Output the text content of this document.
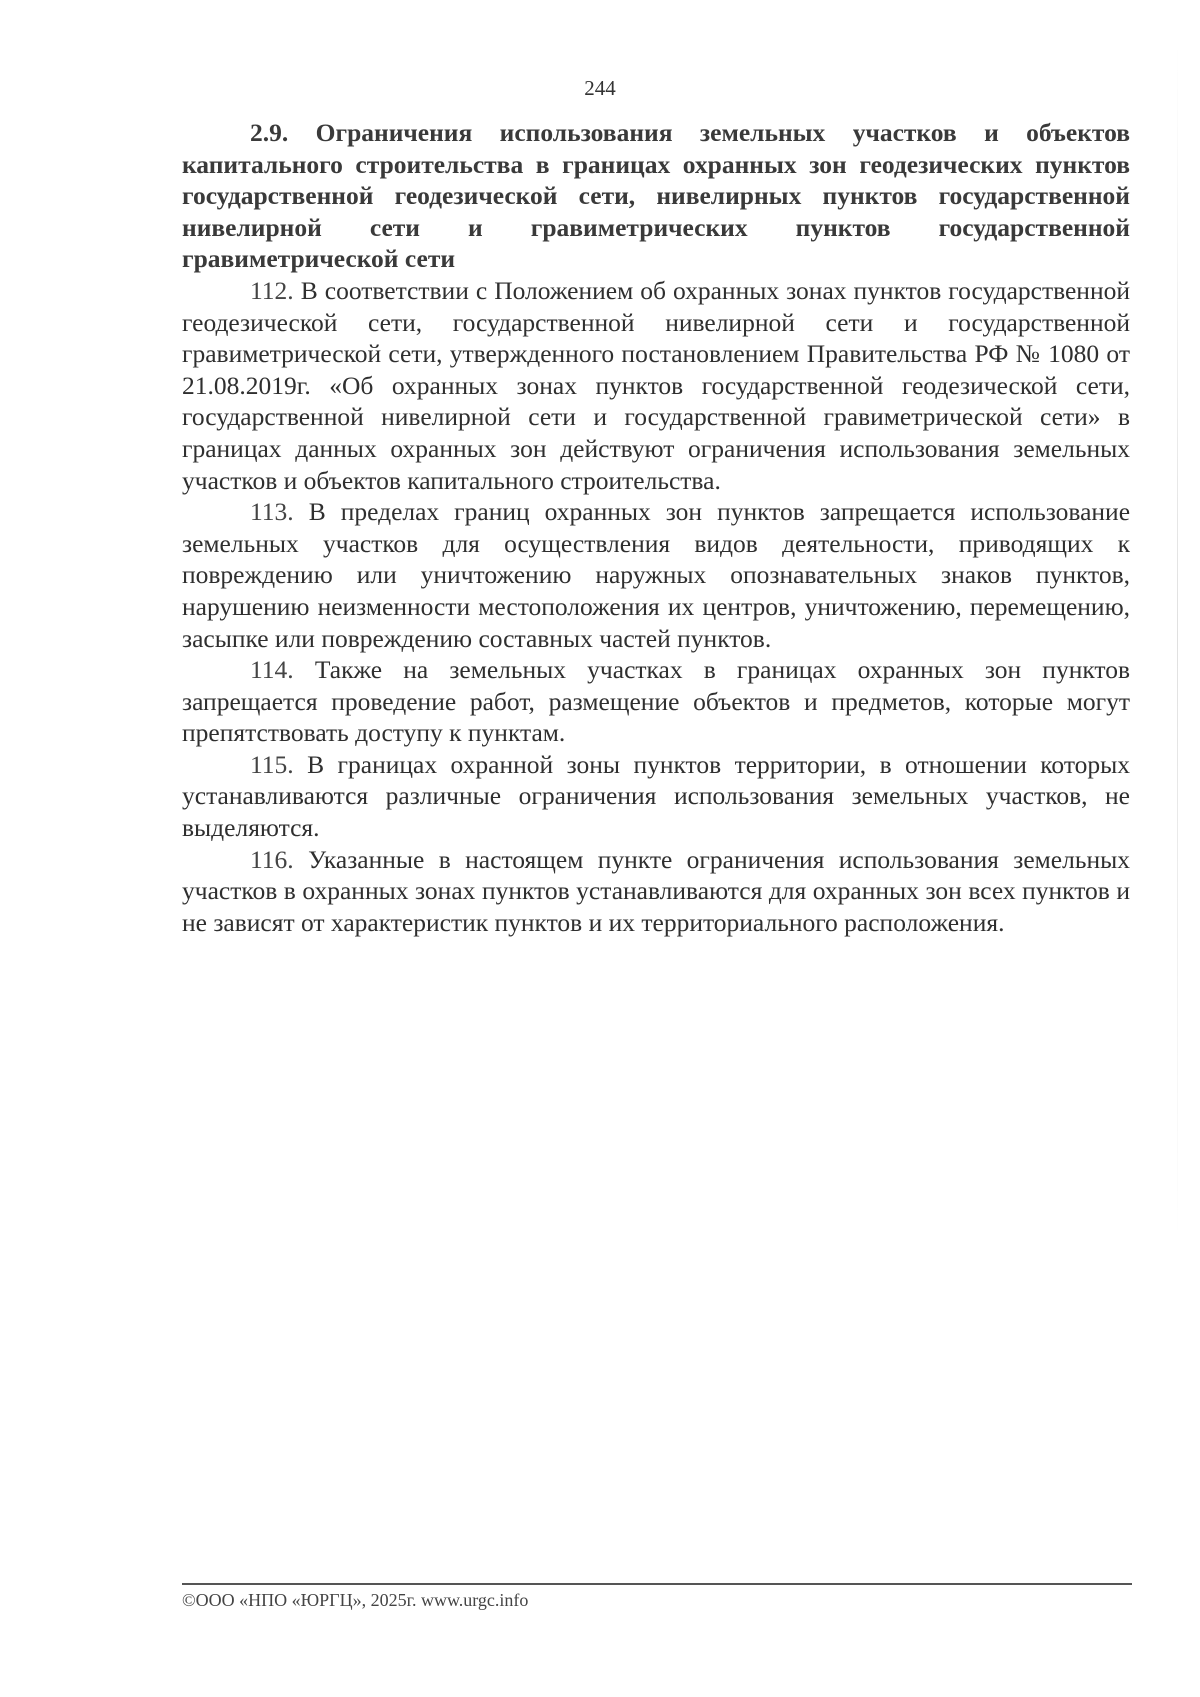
244

2.9. Ограничения использования земельных участков и объектов капитального строительства в границах охранных зон геодезических пунктов государственной геодезической сети, нивелирных пунктов государственной нивелирной сети и гравиметрических пунктов государственной гравиметрической сети

112. В соответствии с Положением об охранных зонах пунктов государственной геодезической сети, государственной нивелирной сети и государственной гравиметрической сети, утвержденного постановлением Правительства РФ № 1080 от 21.08.2019г. «Об охранных зонах пунктов государственной геодезической сети, государственной нивелирной сети и государственной гравиметрической сети» в границах данных охранных зон действуют ограничения использования земельных участков и объектов капитального строительства.

113. В пределах границ охранных зон пунктов запрещается использование земельных участков для осуществления видов деятельности, приводящих к повреждению или уничтожению наружных опознавательных знаков пунктов, нарушению неизменности местоположения их центров, уничтожению, перемещению, засыпке или повреждению составных частей пунктов.

114. Также на земельных участках в границах охранных зон пунктов запрещается проведение работ, размещение объектов и предметов, которые могут препятствовать доступу к пунктам.

115. В границах охранной зоны пунктов территории, в отношении которых устанавливаются различные ограничения использования земельных участков, не выделяются.

116. Указанные в настоящем пункте ограничения использования земельных участков в охранных зонах пунктов устанавливаются для охранных зон всех пунктов и не зависят от характеристик пунктов и их территориального расположения.

©ООО «НПО «ЮРГЦ», 2025г. www.urgc.info
